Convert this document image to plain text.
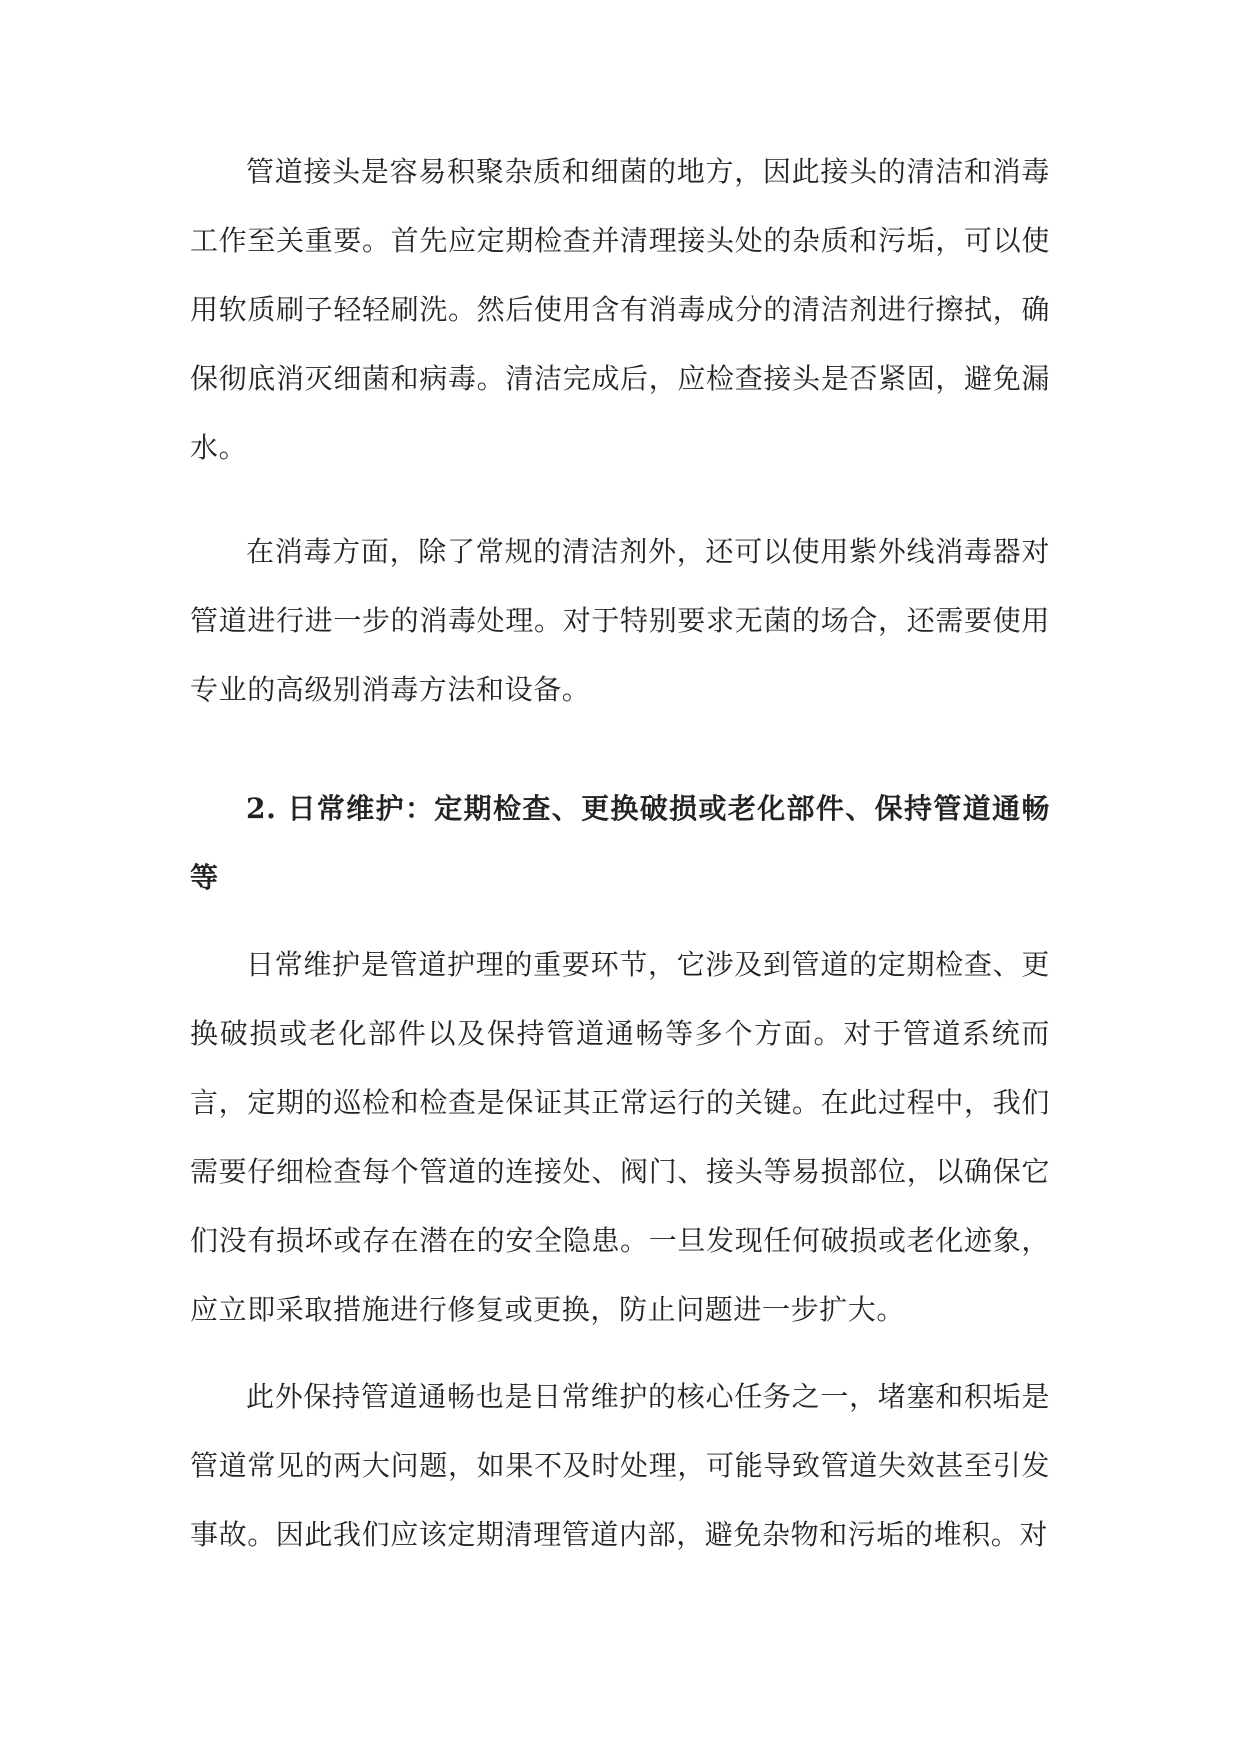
管道接头是容易积聚杂质和细菌的地方，因此接头的清洁和消毒工作至关重要。首先应定期检查并清理接头处的杂质和污垢，可以使用软质刷子轻轻刷洗。然后使用含有消毒成分的清洁剂进行擦拭，确保彻底消灭细菌和病毒。清洁完成后，应检查接头是否紧固，避免漏水。

在消毒方面，除了常规的清洁剂外，还可以使用紫外线消毒器对管道进行进一步的消毒处理。对于特别要求无菌的场合，还需要使用专业的高级别消毒方法和设备。

2. 日常维护：定期检查、更换破损或老化部件、保持管道通畅等

日常维护是管道护理的重要环节，它涉及到管道的定期检查、更换破损或老化部件以及保持管道通畅等多个方面。对于管道系统而言，定期的巡检和检查是保证其正常运行的关键。在此过程中，我们需要仔细检查每个管道的连接处、阀门、接头等易损部位，以确保它们没有损坏或存在潜在的安全隐患。一旦发现任何破损或老化迹象，应立即采取措施进行修复或更换，防止问题进一步扩大。

此外保持管道通畅也是日常维护的核心任务之一，堵塞和积垢是管道常见的两大问题，如果不及时处理，可能导致管道失效甚至引发事故。因此我们应该定期清理管道内部，避免杂物和污垢的堆积。对
